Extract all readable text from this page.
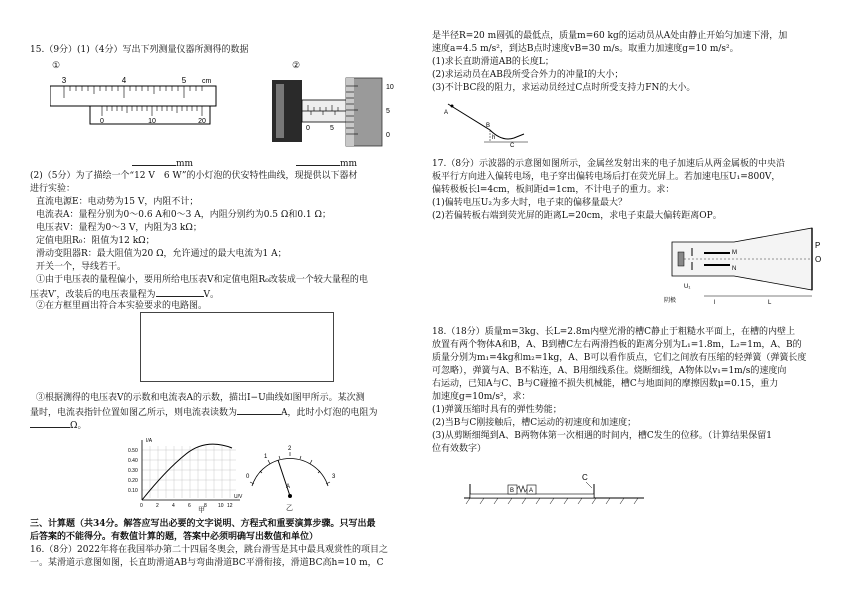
15.（9分）(1)（4分）写出下列测量仪器所测得的数据
①	②
3	4	5 cm
0	10	20
0	5
10
5
0
mm	mm
(2)（5分）为了描绘一个“12 V　6 W”的小灯泡的伏安特性曲线，现提供以下器材
进行实验：
直流电源E：电动势为15 V，内阻不计；
电流表A：量程分别为0～0.6 A和0～3 A，内阻分别约为0.5 Ω和0.1 Ω；
电压表V：量程为0～3 V，内阻为3 kΩ；
定值电阻R₀：阻值为12 kΩ；
滑动变阻器R：最大阻值为20 Ω，允许通过的最大电流为1 A；
开关一个，导线若干。
①由于电压表的量程偏小，要用所给电压表V和定值电阻R₀改装成一个较大量程的电
压表V′，改装后的电压表量程为	V。
②在方框里画出符合本实验要求的电路图。
③根据测得的电压表V的示数和电流表A的示数，描出I−U曲线如图甲所示。某次测
量时，电流表指针位置如图乙所示，则电流表读数为	A，此时小灯泡的电阻为
Ω。
I/A
0.50
0.40
0.30
0.20
0.10
0	2	4	6	8 10 12
U/V
甲
0
1
2
3
A
乙
三、计算题（共34分。解答应写出必要的文字说明、方程式和重要演算步骤。只写出最
后答案的不能得分。有数值计算的题，答案中必须明确写出数值和单位）
16.（8分）2022年将在我国举办第二十四届冬奥会，跳台滑雪是其中最具观赏性的项目之
一。某滑道示意图如图，长直助滑道AB与弯曲滑道BC平滑衔接，滑道BC高h=10 m，C
是半径R=20 m圆弧的最低点，质量m=60 kg的运动员从A处由静止开始匀加速下滑，加
速度a=4.5 m/s²，到达B点时速度vB=30 m/s。取重力加速度g=10 m/s²。
(1)求长直助滑道AB的长度L；
(2)求运动员在AB段所受合外力的冲量I的大小；
(3)不计BC段的阻力，求运动员经过C点时所受支持力FN的大小。
A
B
C
h
17.（8分）示波器的示意图如图所示，金属丝发射出来的电子加速后从两金属板的中央沿
板平行方向进入偏转电场，电子穿出偏转电场后打在荧光屏上。若加速电压U₁=800V，
偏转极板长l=4cm，板间距d=1cm，不计电子的重力。求：
(1)偏转电压U₂为多大时，电子束的偏移量最大？
(2)若偏转板右端到荧光屏的距离L=20cm，求电子束最大偏转距离OP。
阴极
U₁
M
N
l	L
P
O
18.（18分）质量m=3kg、长L=2.8m内壁光滑的槽C静止于粗糙水平面上，在槽的内壁上
放置有两个物体A和B，A、B到槽C左右两滑挡板的距离分别为L₁=1.8m，L₂=1m，A、B的
质量分别为m₁=4kg和m₂=1kg，A、B可以看作质点，它们之间放有压缩的轻弹簧（弹簧长度
可忽略），弹簧与A、B不粘连，A、B用细线系住。烧断细线，A物体以v₁=1m/s的速度向
右运动，已知A与C、B与C碰撞不损失机械能，槽C与地面间的摩擦因数μ=0.15，重力
加速度g=10m/s²，求：
(1)弹簧压缩时具有的弹性势能；
(2)当B与C刚接触后，槽C运动的初速度和加速度；
(3)从剪断细绳到A、B两物体第一次相遇的时间内，槽C发生的位移。（计算结果保留1
位有效数字）
B A
C
